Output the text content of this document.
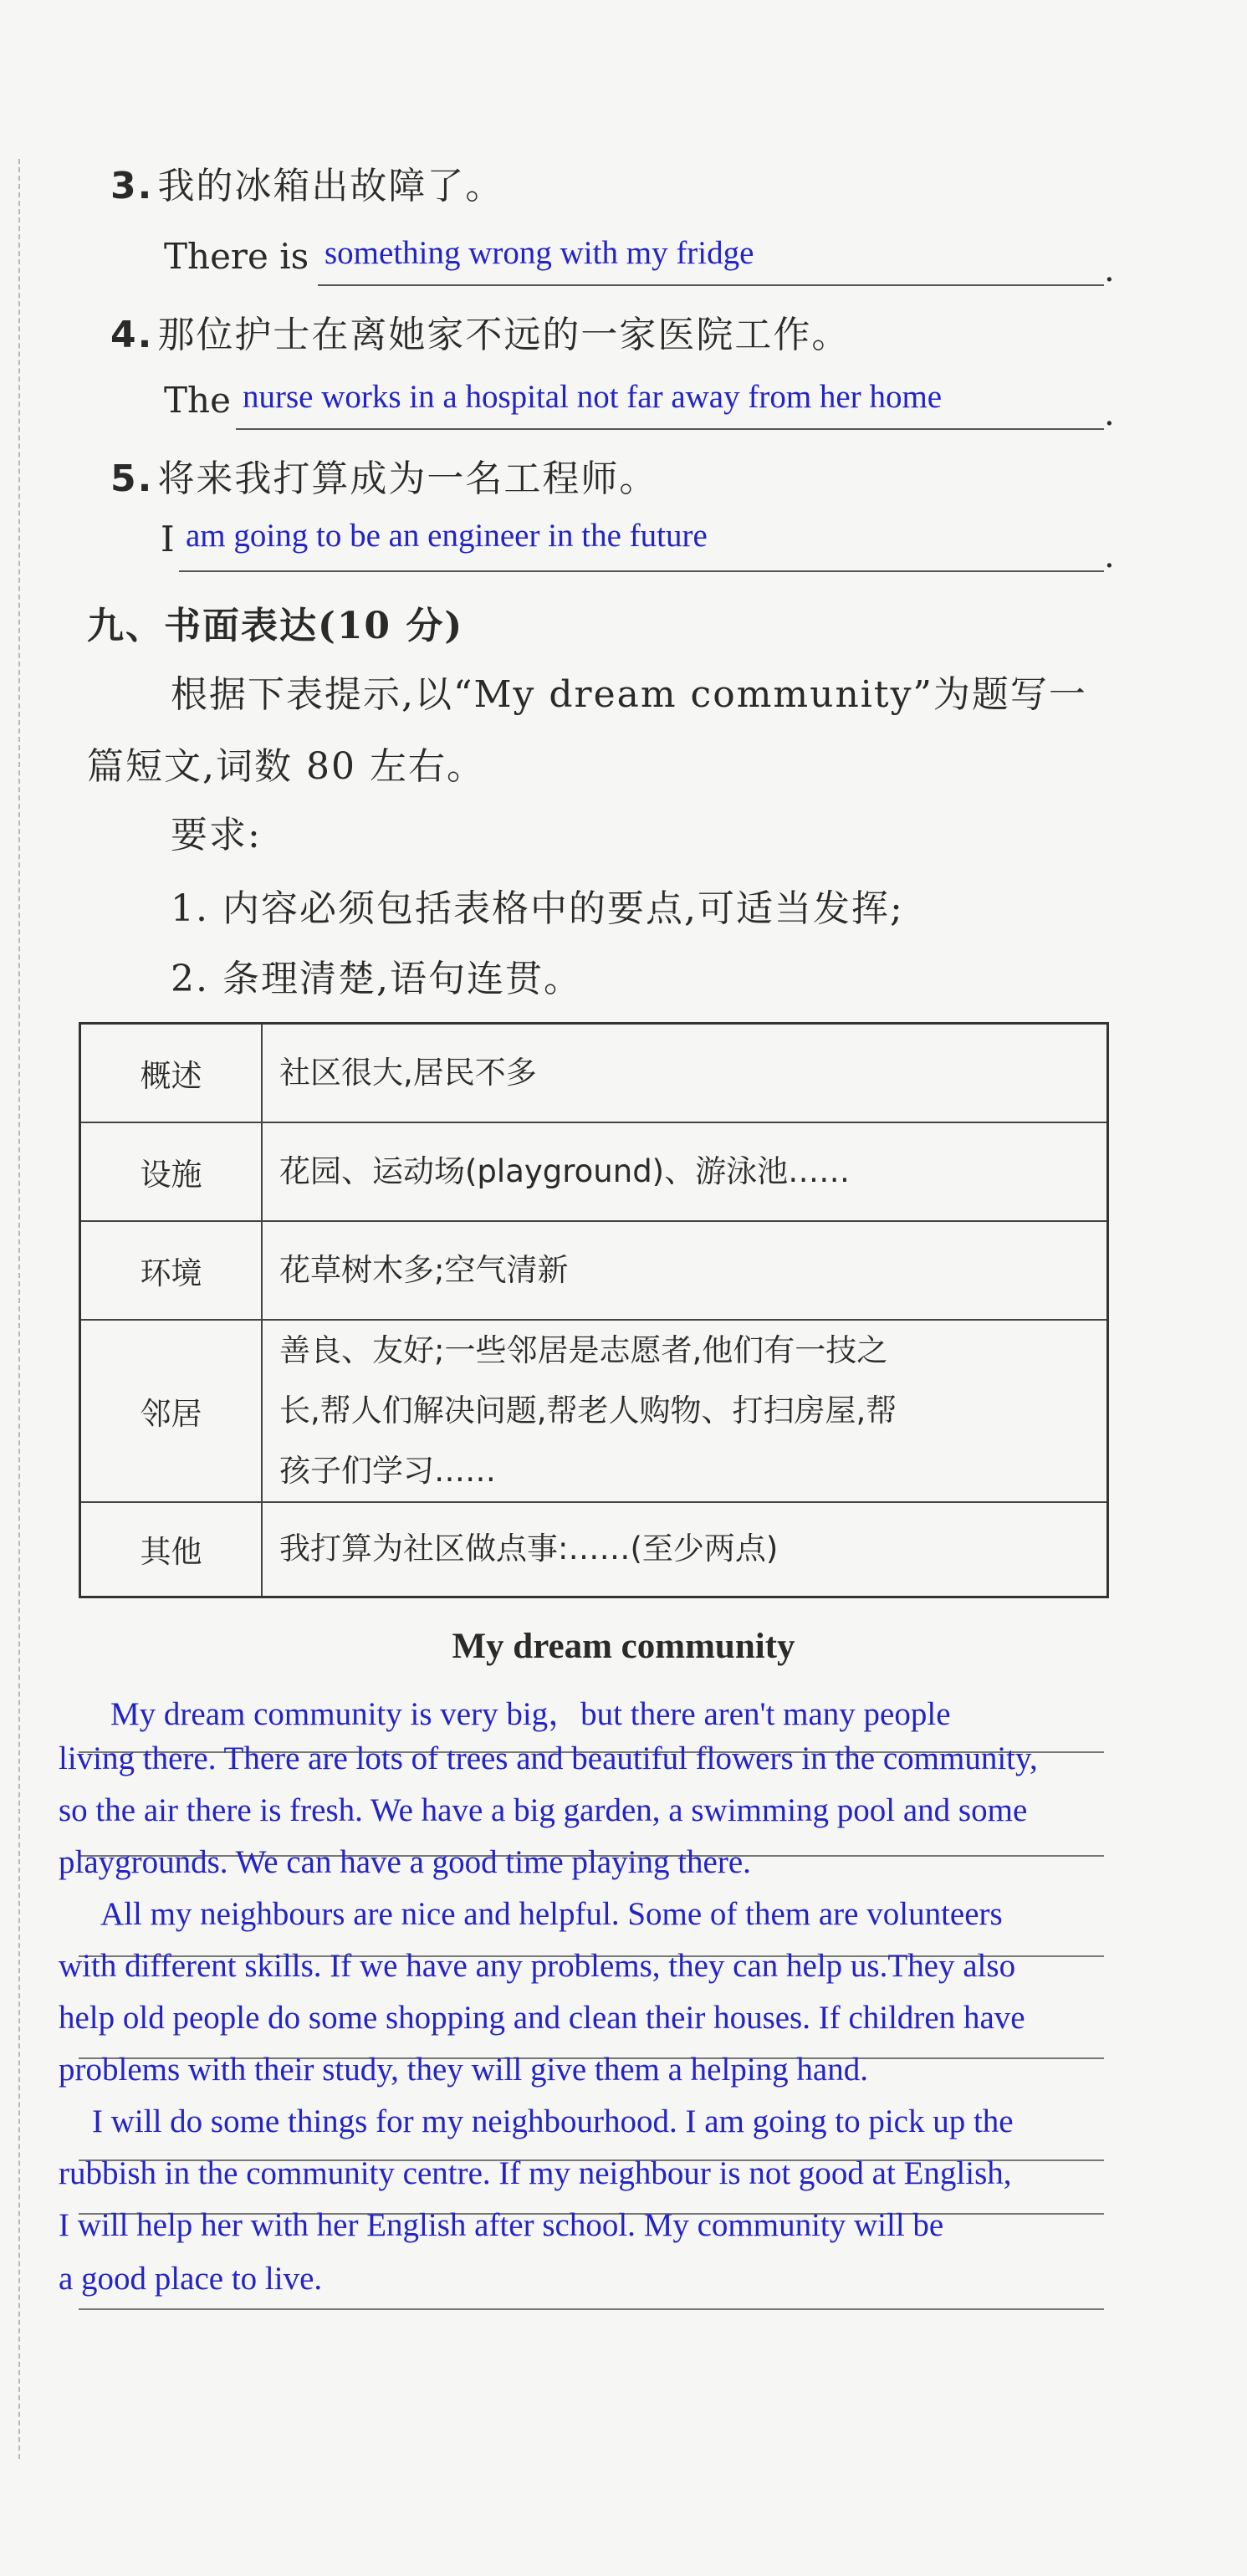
3. 我的冰箱出故障了。
There is something wrong with my fridge	.
4. 那位护士在离她家不远的一家医院工作。
The nurse works in a hospital not far away from her home	.
5. 将来我打算成为一名工程师。
I am going to be an engineer in the future
.
九、书面表达(10 分)
根据下表提示,以“My dream community”为题写一
篇短文,词数 80 左右。
要求:
1. 内容必须包括表格中的要点,可适当发挥;
2. 条理清楚,语句连贯。
概述	社区很大,居民不多
设施	花园、运动场(playground)、游泳池……
环境	花草树木多;空气清新
邻居	善良、友好;一些邻居是志愿者,他们有一技之
长,帮人们解决问题,帮老人购物、打扫房屋,帮
孩子们学习……

其他	我打算为社区做点事:……(至少两点)
My dream community
My dream community is very big，but there aren't many people
living there. There are lots of trees and beautiful flowers in the community,
so the air there is fresh. We have a big garden, a swimming pool and some
playgrounds. We can have a good time playing there.
All my neighbours are nice and helpful. Some of them are volunteers
with different skills. If we have any problems, they can help us.They also
help old people do some shopping and clean their houses. If children have
problems with their study, they will give them a helping hand.
I will do some things for my neighbourhood. I am going to pick up the
rubbish in the community centre. If my neighbour is not good at English,
I will help her with her English after school. My community will be
a good place to live.
